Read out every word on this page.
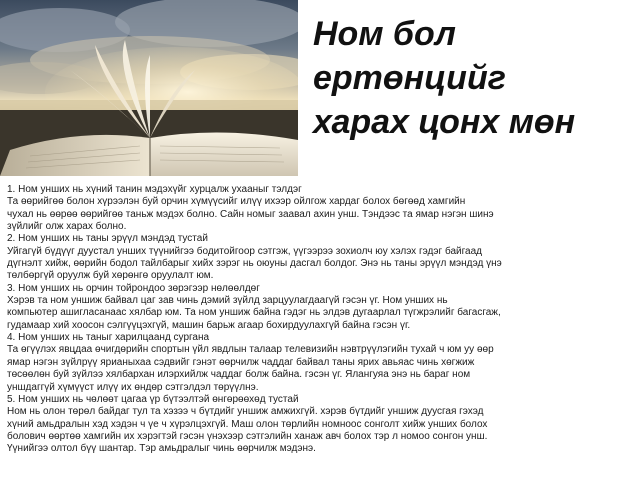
Ном бол
ертөнцийг
харах цонх мөн
1. Ном унших нь хүний танин мэдэхүйг хурцалж ухааныг тэлдэг
Та өөрийгөө болон хүрээлэн буй орчин хүмүүсийг илүү ихээр ойлгож хардаг болох бөгөөд хамгийн
чухал нь өөрөө өөрийгөө таньж мэдэх болно. Сайн номыг заавал ахин унш. Тэндээс та ямар нэгэн шинэ
зүйлийг олж харах болно.
2. Ном унших нь таны эрүүл мэндэд тустай
Уйгагүй бүдүүг дуустал унших түүнийгээ бодитойгоор сэтгэж, үүгээрээ зохиолч юу хэлэх гэдэг байгаад
дүгнэлт хийж, өөрийн бодол тайлбарыг хийх зэрэг нь оюуны дасгал болдог. Энэ нь таны эрүүл мэндэд үнэ
төлбөргүй оруулж буй хөрөнгө оруулалт юм.
3. Ном унших нь орчин тойрондоо зөрэгээр нөлөөлдөг
Хэрэв та ном уншиж байвал цаг зав чинь дэмий зүйлд зарцуулагдаагүй гэсэн үг. Ном унших нь
компьютер ашигласанаас хялбар юм. Та ном уншиж байна гэдэг нь элдэв дугаарлал түгжрэлийг багасгаж,
гудамаар хий хоосон сэлгүүцэхгүй, машин барьж агаар бохирдуулахгүй байна гэсэн үг.
4. Ном унших нь таныг харилцаанд сургана
Та өгүүлэх явцдаа өчигдөрийн спортын үйл явдлын талаар телевизийн нэвтрүүлэгийн тухай ч юм уу өөр
ямар нэгэн зүйлрүү ярианыхаа сэдвийг гэнэт өөрчилж чаддаг байвал таны ярих авьяас чинь хөгжиж
төсөөлөн буй зүйлээ хялбархан илэрхийлж чаддаг болж байна. гэсэн үг. Ялангуяа энэ нь бараг ном
уншдаггүй хүмүүст илүү их өндөр сэтгэлдэл төрүүлнэ.
5. Ном унших нь чөлөөт цагаа үр бүтээлтэй өнгөрөөхөд тустай
Ном нь олон төрөл байдаг тул та хэзээ ч бүтдийг уншиж амжихгүй. хэрэв бүтдийг уншиж дуусгая гэхэд
хүний амьдралын хэд хэдэн ч үе ч хүрэлцэхгүй. Маш олон төрлийн номноос сонголт хийж унших болох
болович өөртөө хамгийн их хэрэгтэй гэсэн үнэхээр сэтгэлийн ханаж авч болох тэр л номоо сонгон унш.
Үүнийгээ олтол бүү шантар. Тэр амьдралыг чинь өөрчилж мэдэнэ.
